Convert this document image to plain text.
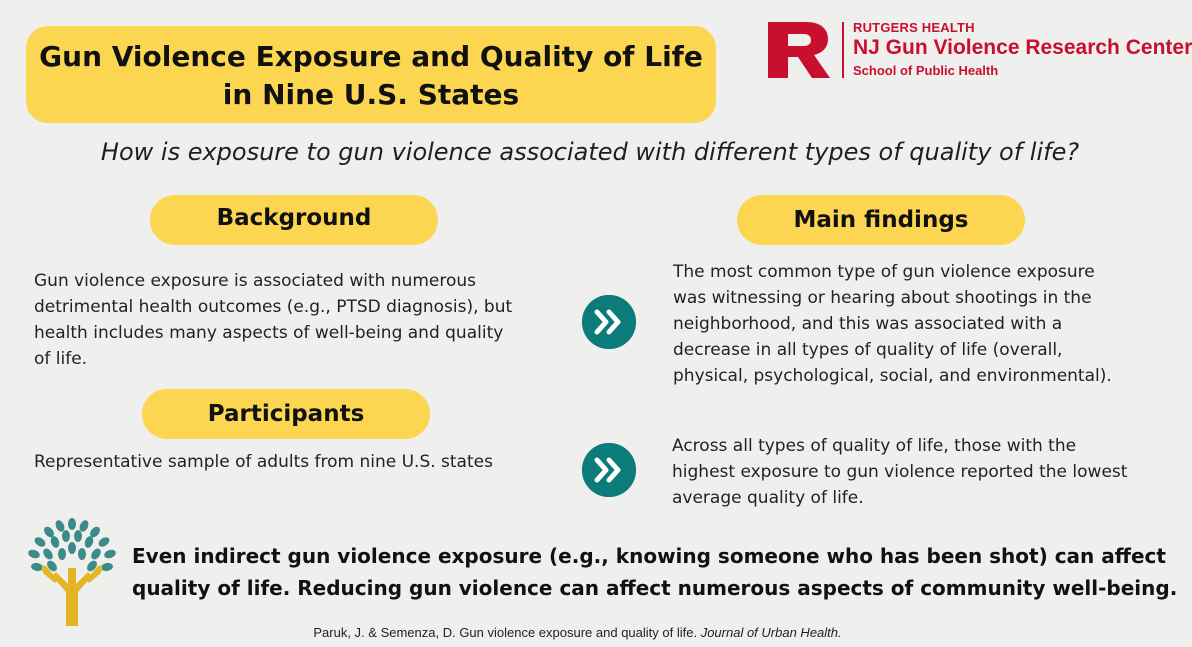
Gun Violence Exposure and Quality of Life
in Nine U.S. States
RUTGERS HEALTH
NJ Gun Violence Research Center
School of Public Health
How is exposure to gun violence associated with different types of quality of life?
Background
Gun violence exposure is associated with numerous detrimental health outcomes (e.g., PTSD diagnosis), but health includes many aspects of well-being and quality of life.
Participants
Representative sample of adults from nine U.S. states
Main findings
The most common type of gun violence exposure was witnessing or hearing about shootings in the neighborhood, and this was associated with a decrease in all types of quality of life (overall, physical, psychological, social, and environmental).
Across all types of quality of life, those with the highest exposure to gun violence reported the lowest average quality of life.
Even indirect gun violence exposure (e.g., knowing someone who has been shot) can affect
quality of life. Reducing gun violence can affect numerous aspects of community well-being.
Paruk, J. & Semenza, D. Gun violence exposure and quality of life. Journal of Urban Health.
